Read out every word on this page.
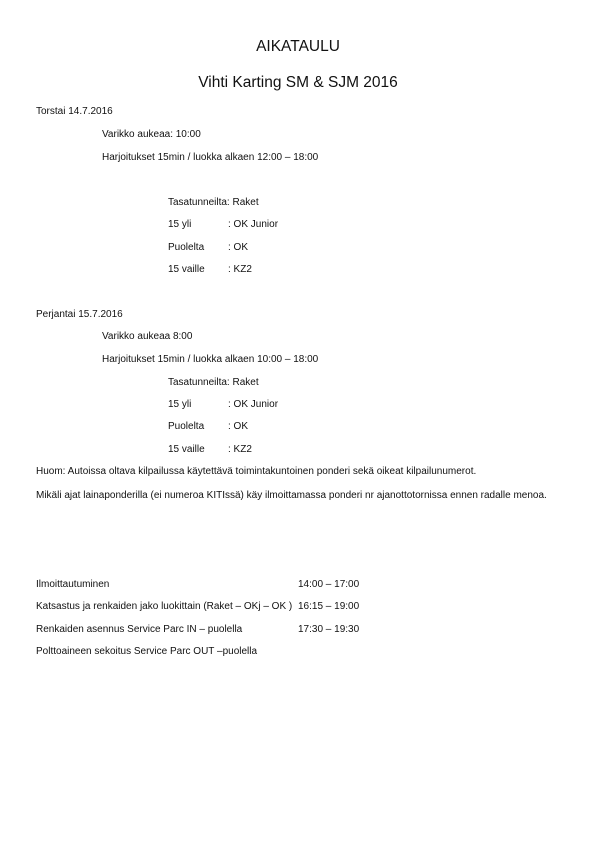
AIKATAULU
Vihti Karting SM & SJM 2016
Torstai 14.7.2016
Varikko aukeaa: 10:00
Harjoitukset 15min / luokka alkaen 12:00 – 18:00
Tasatunneilta: Raket
15 yli	: OK Junior
Puolelta : OK
15 vaille : KZ2
Perjantai 15.7.2016
Varikko aukeaa 8:00
Harjoitukset 15min / luokka alkaen 10:00 – 18:00
Tasatunneilta: Raket
15 yli	: OK Junior
Puolelta : OK
15 vaille : KZ2
Huom: Autoissa oltava kilpailussa käytettävä toimintakuntoinen ponderi sekä oikeat kilpailunumerot.
Mikäli ajat lainaponderilla (ei numeroa KITIssä) käy ilmoittamassa ponderi nr ajanottotornissa ennen radalle menoa.
Ilmoittautuminen	14:00 – 17:00
Katsastus ja renkaiden jako luokittain (Raket – OKj – OK ) 16:15 – 19:00
Renkaiden asennus Service Parc IN – puolella	17:30 – 19:30
Polttoaineen sekoitus Service Parc OUT –puolella
